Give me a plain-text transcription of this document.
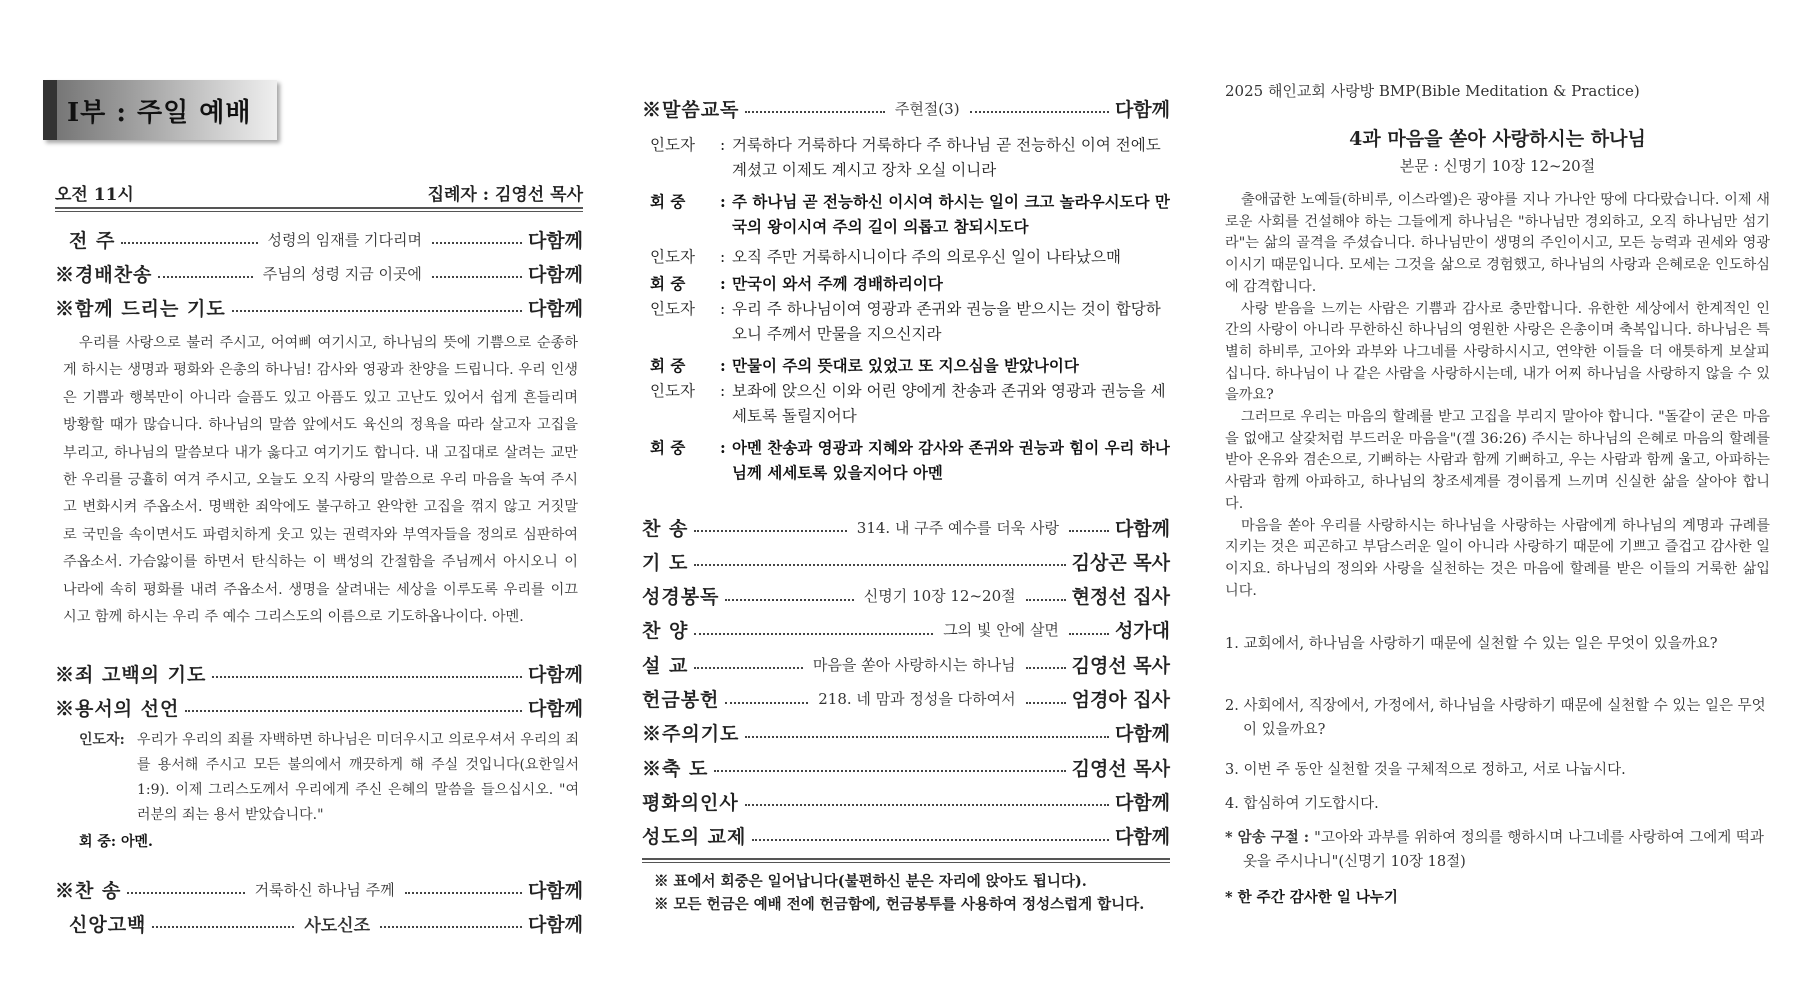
I부 : 주일 예배
오전 11시	집례자 : 김영선 목사
전 주	성령의 임재를 기다리며	다함께
※경배찬송	주님의 성령 지금 이곳에	다함께
※함께 드리는 기도	다함께
우리를 사랑으로 불러 주시고, 어여삐 여기시고, 하나님의 뜻에 기쁨으로 순종하게 하시는 생명과 평화와 은총의 하나님! 감사와 영광과 찬양을 드립니다. 우리 인생은 기쁨과 행복만이 아니라 슬픔도 있고 아픔도 있고 고난도 있어서 쉽게 흔들리며 방황할 때가 많습니다. 하나님의 말씀 앞에서도 육신의 정욕을 따라 살고자 고집을 부리고, 하나님의 말씀보다 내가 옳다고 여기기도 합니다. 내 고집대로 살려는 교만한 우리를 긍휼히 여겨 주시고, 오늘도 오직 사랑의 말씀으로 우리 마음을 녹여 주시고 변화시켜 주옵소서. 명백한 죄악에도 불구하고 완악한 고집을 꺾지 않고 거짓말로 국민을 속이면서도 파렴치하게 웃고 있는 권력자와 부역자들을 정의로 심판하여 주옵소서. 가슴앓이를 하면서 탄식하는 이 백성의 간절함을 주님께서 아시오니 이 나라에 속히 평화를 내려 주옵소서. 생명을 살려내는 세상을 이루도록 우리를 이끄시고 함께 하시는 우리 주 예수 그리스도의 이름으로 기도하옵나이다. 아멘.
※죄 고백의 기도	다함께
※용서의 선언	다함께
인도자: 우리가 우리의 죄를 자백하면 하나님은 미더우시고 의로우셔서 우리의 죄를 용서해 주시고 모든 불의에서 깨끗하게 해 주실 것입니다(요한일서 1:9). 이제 그리스도께서 우리에게 주신 은혜의 말씀을 들으십시오. "여러분의 죄는 용서 받았습니다."
회 중: 아멘.
※찬 송	거룩하신 하나님 주께	다함께
신앙고백	사도신조	다함께
※말씀교독	주현절(3)	다함께
인도자	: 거룩하다 거룩하다 거룩하다 주 하나님 곧 전능하신 이여 전에도 계셨고 이제도 계시고 장차 오실 이니라
회 중	: 주 하나님 곧 전능하신 이시여 하시는 일이 크고 놀라우시도다 만국의 왕이시여 주의 길이 의롭고 참되시도다
인도자	: 오직 주만 거룩하시니이다 주의 의로우신 일이 나타났으매
회 중	: 만국이 와서 주께 경배하리이다
인도자	: 우리 주 하나님이여 영광과 존귀와 권능을 받으시는 것이 합당하오니 주께서 만물을 지으신지라
회 중	: 만물이 주의 뜻대로 있었고 또 지으심을 받았나이다
인도자	: 보좌에 앉으신 이와 어린 양에게 찬송과 존귀와 영광과 권능을 세세토록 돌릴지어다
회 중	: 아멘 찬송과 영광과 지혜와 감사와 존귀와 권능과 힘이 우리 하나님께 세세토록 있을지어다 아멘
찬 송	314. 내 구주 예수를 더욱 사랑	다함께
기 도	김상곤 목사
성경봉독	신명기 10장 12~20절	현정선 집사
찬 양	그의 빛 안에 살면	성가대
설 교	마음을 쏟아 사랑하시는 하나님	김영선 목사
헌금봉헌	218. 네 맘과 정성을 다하여서	엄경아 집사
※주의기도	다함께
※축 도	김영선 목사
평화의인사	다함께
성도의 교제	다함께
※ 표에서 회중은 일어납니다(불편하신 분은 자리에 앉아도 됩니다).
※ 모든 헌금은 예배 전에 헌금함에, 헌금봉투를 사용하여 정성스럽게 합니다.
2025 해인교회 사랑방 BMP(Bible Meditation & Practice)
4과 마음을 쏟아 사랑하시는 하나님
본문 : 신명기 10장 12~20절

출애굽한 노예들(하비루, 이스라엘)은 광야를 지나 가나안 땅에 다다랐습니다. 이제 새로운 사회를 건설해야 하는 그들에게 하나님은 "하나님만 경외하고, 오직 하나님만 섬기라"는 삶의 골격을 주셨습니다. 하나님만이 생명의 주인이시고, 모든 능력과 권세와 영광이시기 때문입니다. 모세는 그것을 삶으로 경험했고, 하나님의 사랑과 은혜로운 인도하심에 감격합니다.

사랑 받음을 느끼는 사람은 기쁨과 감사로 충만합니다. 유한한 세상에서 한계적인 인간의 사랑이 아니라 무한하신 하나님의 영원한 사랑은 은총이며 축복입니다. 하나님은 특별히 하비루, 고아와 과부와 나그네를 사랑하시시고, 연약한 이들을 더 애틋하게 보살피십니다. 하나님이 나 같은 사람을 사랑하시는데, 내가 어찌 하나님을 사랑하지 않을 수 있을까요?

그러므로 우리는 마음의 할례를 받고 고집을 부리지 말아야 합니다. "돌같이 굳은 마음을 없애고 살갗처럼 부드러운 마음을"(겔 36:26) 주시는 하나님의 은혜로 마음의 할례를 받아 온유와 겸손으로, 기뻐하는 사람과 함께 기뻐하고, 우는 사람과 함께 울고, 아파하는 사람과 함께 아파하고, 하나님의 창조세계를 경이롭게 느끼며 신실한 삶을 살아야 합니다.

마음을 쏟아 우리를 사랑하시는 하나님을 사랑하는 사람에게 하나님의 계명과 규례를 지키는 것은 피곤하고 부담스러운 일이 아니라 사랑하기 때문에 기쁘고 즐겁고 감사한 일이지요. 하나님의 정의와 사랑을 실천하는 것은 마음에 할례를 받은 이들의 거룩한 삶입니다.

1. 교회에서, 하나님을 사랑하기 때문에 실천할 수 있는 일은 무엇이 있을까요?
2. 사회에서, 직장에서, 가정에서, 하나님을 사랑하기 때문에 실천할 수 있는 일은 무엇이 있을까요?
3. 이번 주 동안 실천할 것을 구체적으로 정하고, 서로 나눕시다.
4. 합심하여 기도합시다.
* 암송 구절 : "고아와 과부를 위하여 정의를 행하시며 나그네를 사랑하여 그에게 떡과 옷을 주시나니"(신명기 10장 18절)
* 한 주간 감사한 일 나누기
